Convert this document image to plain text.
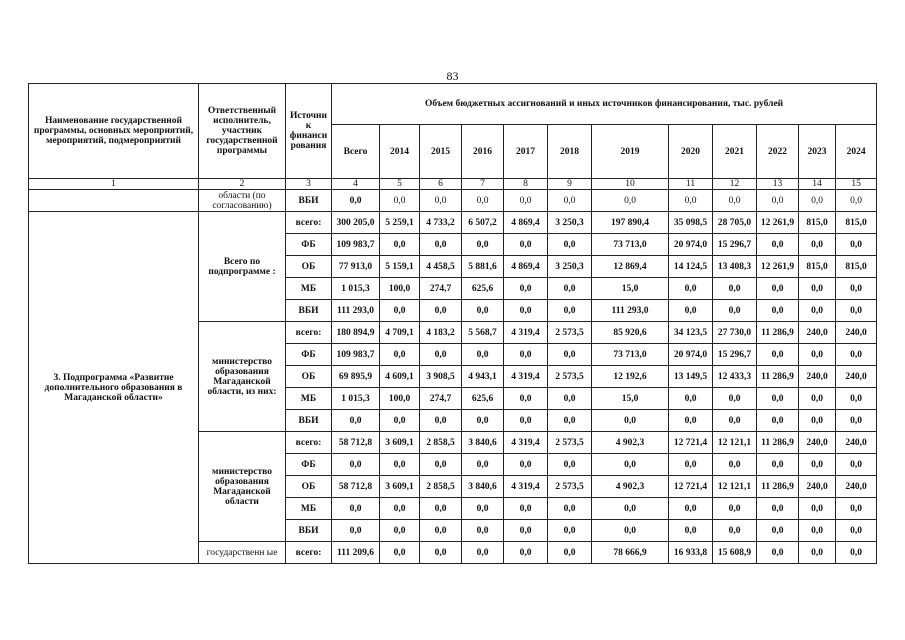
83
Наименование государственной программы, основных мероприятий, мероприятий, подмероприятий	Ответственный исполнитель, участник государственной программы	Источни к финанси рования	Объем бюджетных ассигнований и иных источников финансирования, тыс. рублей											
			Всего	2014	2015	2016	2017	2018	2019	2020	2021	2022	2023	2024
1	2	3	4	5	6	7	8	9	10	11	12	13	14	15
	области (по согласованию)	ВБИ	0,0	0,0	0,0	0,0	0,0	0,0	0,0	0,0	0,0	0,0	0,0	0,0
3. Подпрограмма «Развитие дополнительного образования в Магаданской области»	Всего по подпрограмме :	всего:	300 205,0	5 259,1	4 733,2	6 507,2	4 869,4	3 250,3	197 890,4	35 098,5	28 705,0	12 261,9	815,0	815,0
		ФБ	109 983,7	0,0	0,0	0,0	0,0	0,0	73 713,0	20 974,0	15 296,7	0,0	0,0	0,0
		ОБ	77 913,0	5 159,1	4 458,5	5 881,6	4 869,4	3 250,3	12 869,4	14 124,5	13 408,3	12 261,9	815,0	815,0
		МБ	1 015,3	100,0	274,7	625,6	0,0	0,0	15,0	0,0	0,0	0,0	0,0	0,0
		ВБИ	111 293,0	0,0	0,0	0,0	0,0	0,0	111 293,0	0,0	0,0	0,0	0,0	0,0
	министерство образования Магаданской области, из них:	всего:	180 894,9	4 709,1	4 183,2	5 568,7	4 319,4	2 573,5	85 920,6	34 123,5	27 730,0	11 286,9	240,0	240,0
		ФБ	109 983,7	0,0	0,0	0,0	0,0	0,0	73 713,0	20 974,0	15 296,7	0,0	0,0	0,0
		ОБ	69 895,9	4 609,1	3 908,5	4 943,1	4 319,4	2 573,5	12 192,6	13 149,5	12 433,3	11 286,9	240,0	240,0
		МБ	1 015,3	100,0	274,7	625,6	0,0	0,0	15,0	0,0	0,0	0,0	0,0	0,0
		ВБИ	0,0	0,0	0,0	0,0	0,0	0,0	0,0	0,0	0,0	0,0	0,0	0,0
	министерство образования Магаданской области	всего:	58 712,8	3 609,1	2 858,5	3 840,6	4 319,4	2 573,5	4 902,3	12 721,4	12 121,1	11 286,9	240,0	240,0
		ФБ	0,0	0,0	0,0	0,0	0,0	0,0	0,0	0,0	0,0	0,0	0,0	0,0
		ОБ	58 712,8	3 609,1	2 858,5	3 840,6	4 319,4	2 573,5	4 902,3	12 721,4	12 121,1	11 286,9	240,0	240,0
		МБ	0,0	0,0	0,0	0,0	0,0	0,0	0,0	0,0	0,0	0,0	0,0	0,0
		ВБИ	0,0	0,0	0,0	0,0	0,0	0,0	0,0	0,0	0,0	0,0	0,0	0,0
	государственн ые	всего:	111 209,6	0,0	0,0	0,0	0,0	0,0	78 666,9	16 933,8	15 608,9	0,0	0,0	0,0
